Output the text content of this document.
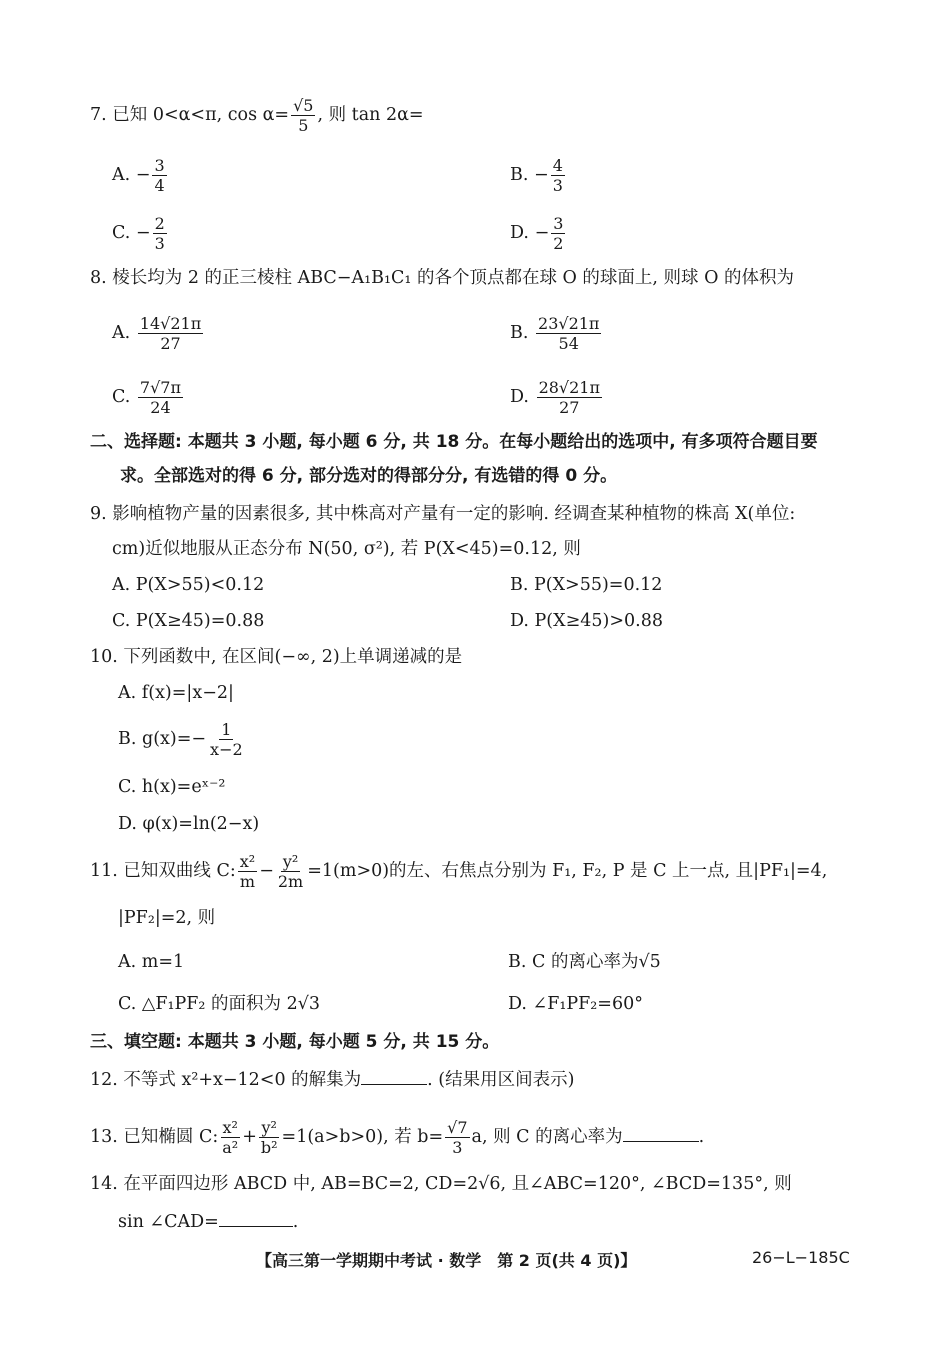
7. 已知 0<α<π, $\cos \alpha= \frac{√5}{5}$ , 则 tan 2α=
A. − $\frac{3}{4}$	B. − $\frac{4}{3}$
C. − $\frac{2}{3}$	D. − $\frac{3}{2}$
8. 棱长均为 2 的正三棱柱 ABC−A₁B₁C₁ 的各个顶点都在球 O 的球面上, 则球 O 的体积为
A. $\frac{14√21\pi}{27}$	B. $\frac{23√21\pi}{54}$
C. $\frac{7√7\pi}{24}$	D. $\frac{28√21\pi}{27}$
二、选择题: 本题共 3 小题, 每小题 6 分, 共 18 分。在每小题给出的选项中, 有多项符合题目要
求。全部选对的得 6 分, 部分选对的得部分分, 有选错的得 0 分。
9. 影响植物产量的因素很多, 其中株高对产量有一定的影响. 经调查某种植物的株高 X(单位:
cm)近似地服从正态分布 N(50, σ²), 若 P(X<45)=0.12, 则
A. P(X>55)<0.12	B. P(X>55)=0.12
C. P(X≥45)=0.88	D. P(X≥45)>0.88
10. 下列函数中, 在区间(−∞, 2)上单调递减的是
A. f(x)=|x−2|
B. $g(x)=- \frac{1}{x-2}$
C. h(x)=eˣ⁻²
D. φ(x)=ln(2−x)
11. 已知双曲线 C: $\frac{\text{x²}}{m} - \frac{\text{y²}}{2m} =1(m>0)$的左、右焦点分别为 F₁, F₂, P 是 C 上一点, 且|PF₁|=4,
|PF₂|=2, 则
A. m=1	B. C 的离心率为√5
C. △F₁PF₂ 的面积为 2√3	D. ∠F₁PF₂=60°
三、填空题: 本题共 3 小题, 每小题 5 分, 共 15 分。
12. 不等式 x²+x−12<0 的解集为	. (结果用区间表示)
13. 已知椭圆 C: $\frac{\text{x²}}{\text{a²}} + \frac{\text{y²}}{\text{b²}} =1(a>b>0)$, 若 $b= \frac{√7}{3} a$, 则 C 的离心率为	.
14. 在平面四边形 ABCD 中, AB=BC=2, CD=2√6, 且∠ABC=120°, ∠BCD=135°, 则
sin ∠CAD=	.
【高三第一学期期中考试 · 数学　第 2 页(共 4 页)】	26−L−185C
